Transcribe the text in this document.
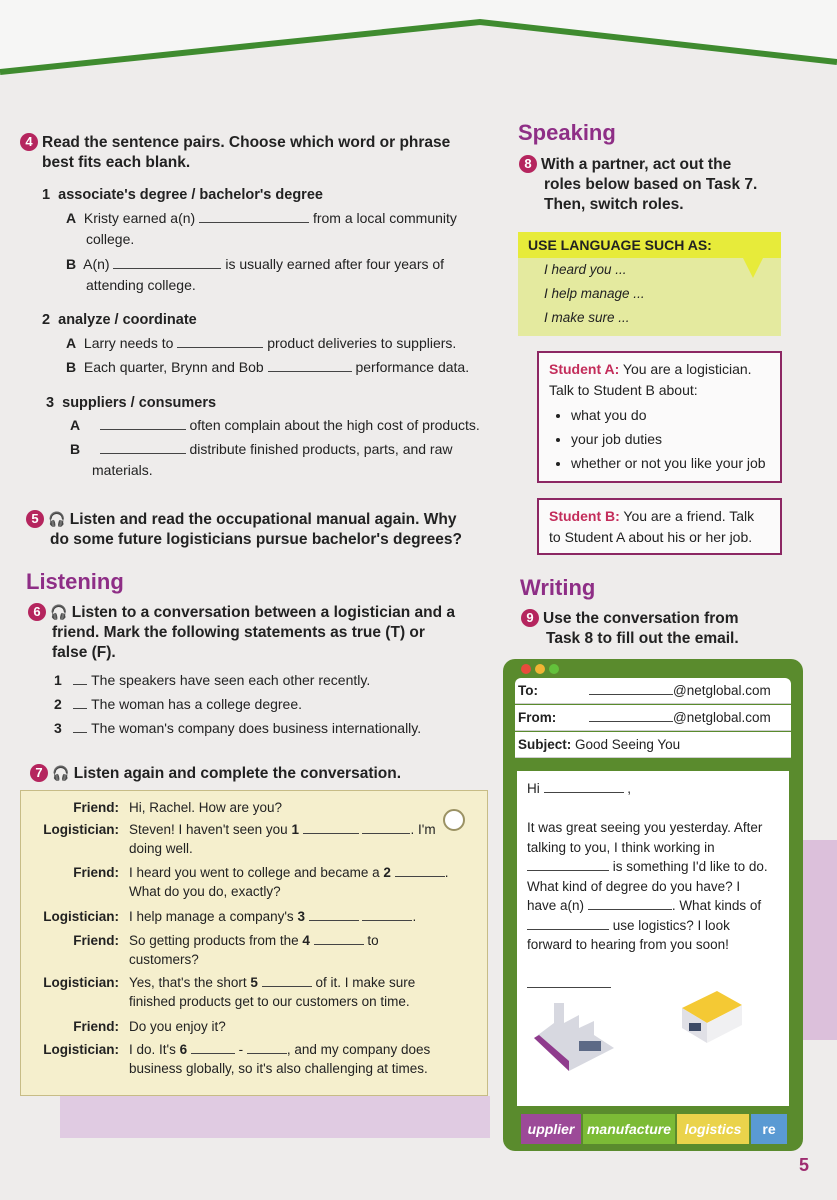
4 Read the sentence pairs. Choose which word or phrase
best fits each blank.
1 associate's degree / bachelor's degree
A Kristy earned a(n)	from a local community
college.
B A(n)	is usually earned after four years of
attending college.
2 analyze / coordinate
A Larry needs to	product deliveries to suppliers.
B Each quarter, Brynn and Bob	performance data.
3 suppliers / consumers
A	often complain about the high cost of products.
B	distribute finished products, parts, and raw
materials.
5 🎧 Listen and read the occupational manual again. Why
do some future logisticians pursue bachelor's degrees?
Listening
6 🎧 Listen to a conversation between a logistician and a
friend. Mark the following statements as true (T) or
false (F).
1 The speakers have seen each other recently.
2 The woman has a college degree.
3 The woman's company does business internationally.
7 🎧 Listen again and complete the conversation.
Friend: Hi, Rachel. How are you?
Logistician: Steven! I haven't seen you 1	. I'm
doing well.
Friend: I heard you went to college and became a 2	.
What do you do, exactly?
Logistician: I help manage a company's 3	.
Friend: So getting products from the 4	to
customers?
Logistician: Yes, that's the short 5	of it. I make sure
finished products get to our customers on time.
Friend: Do you enjoy it?
Logistician: I do. It's 6	-	, and my company does
business globally, so it's also challenging at times.
Speaking
8 With a partner, act out the
roles below based on Task 7.
Then, switch roles.
USE LANGUAGE SUCH AS:
I heard you ...
I help manage ...
I make sure ...
Student A: You are a logistician.
Talk to Student B about:
• what you do
• your job duties
• whether or not you like your job
Student B: You are a friend. Talk
to Student A about his or her job.
Writing
9 Use the conversation from
Task 8 to fill out the email.
To:	@netglobal.com
From:	@netglobal.com
Subject: Good Seeing You
Hi	,

It was great seeing you yesterday. After
talking to you, I think working in
is something I'd like to do.
What kind of degree do you have? I
have a(n)	. What kinds of
use logistics? I look
forward to hearing from you soon!

upplier manufacture logistics	re
5
